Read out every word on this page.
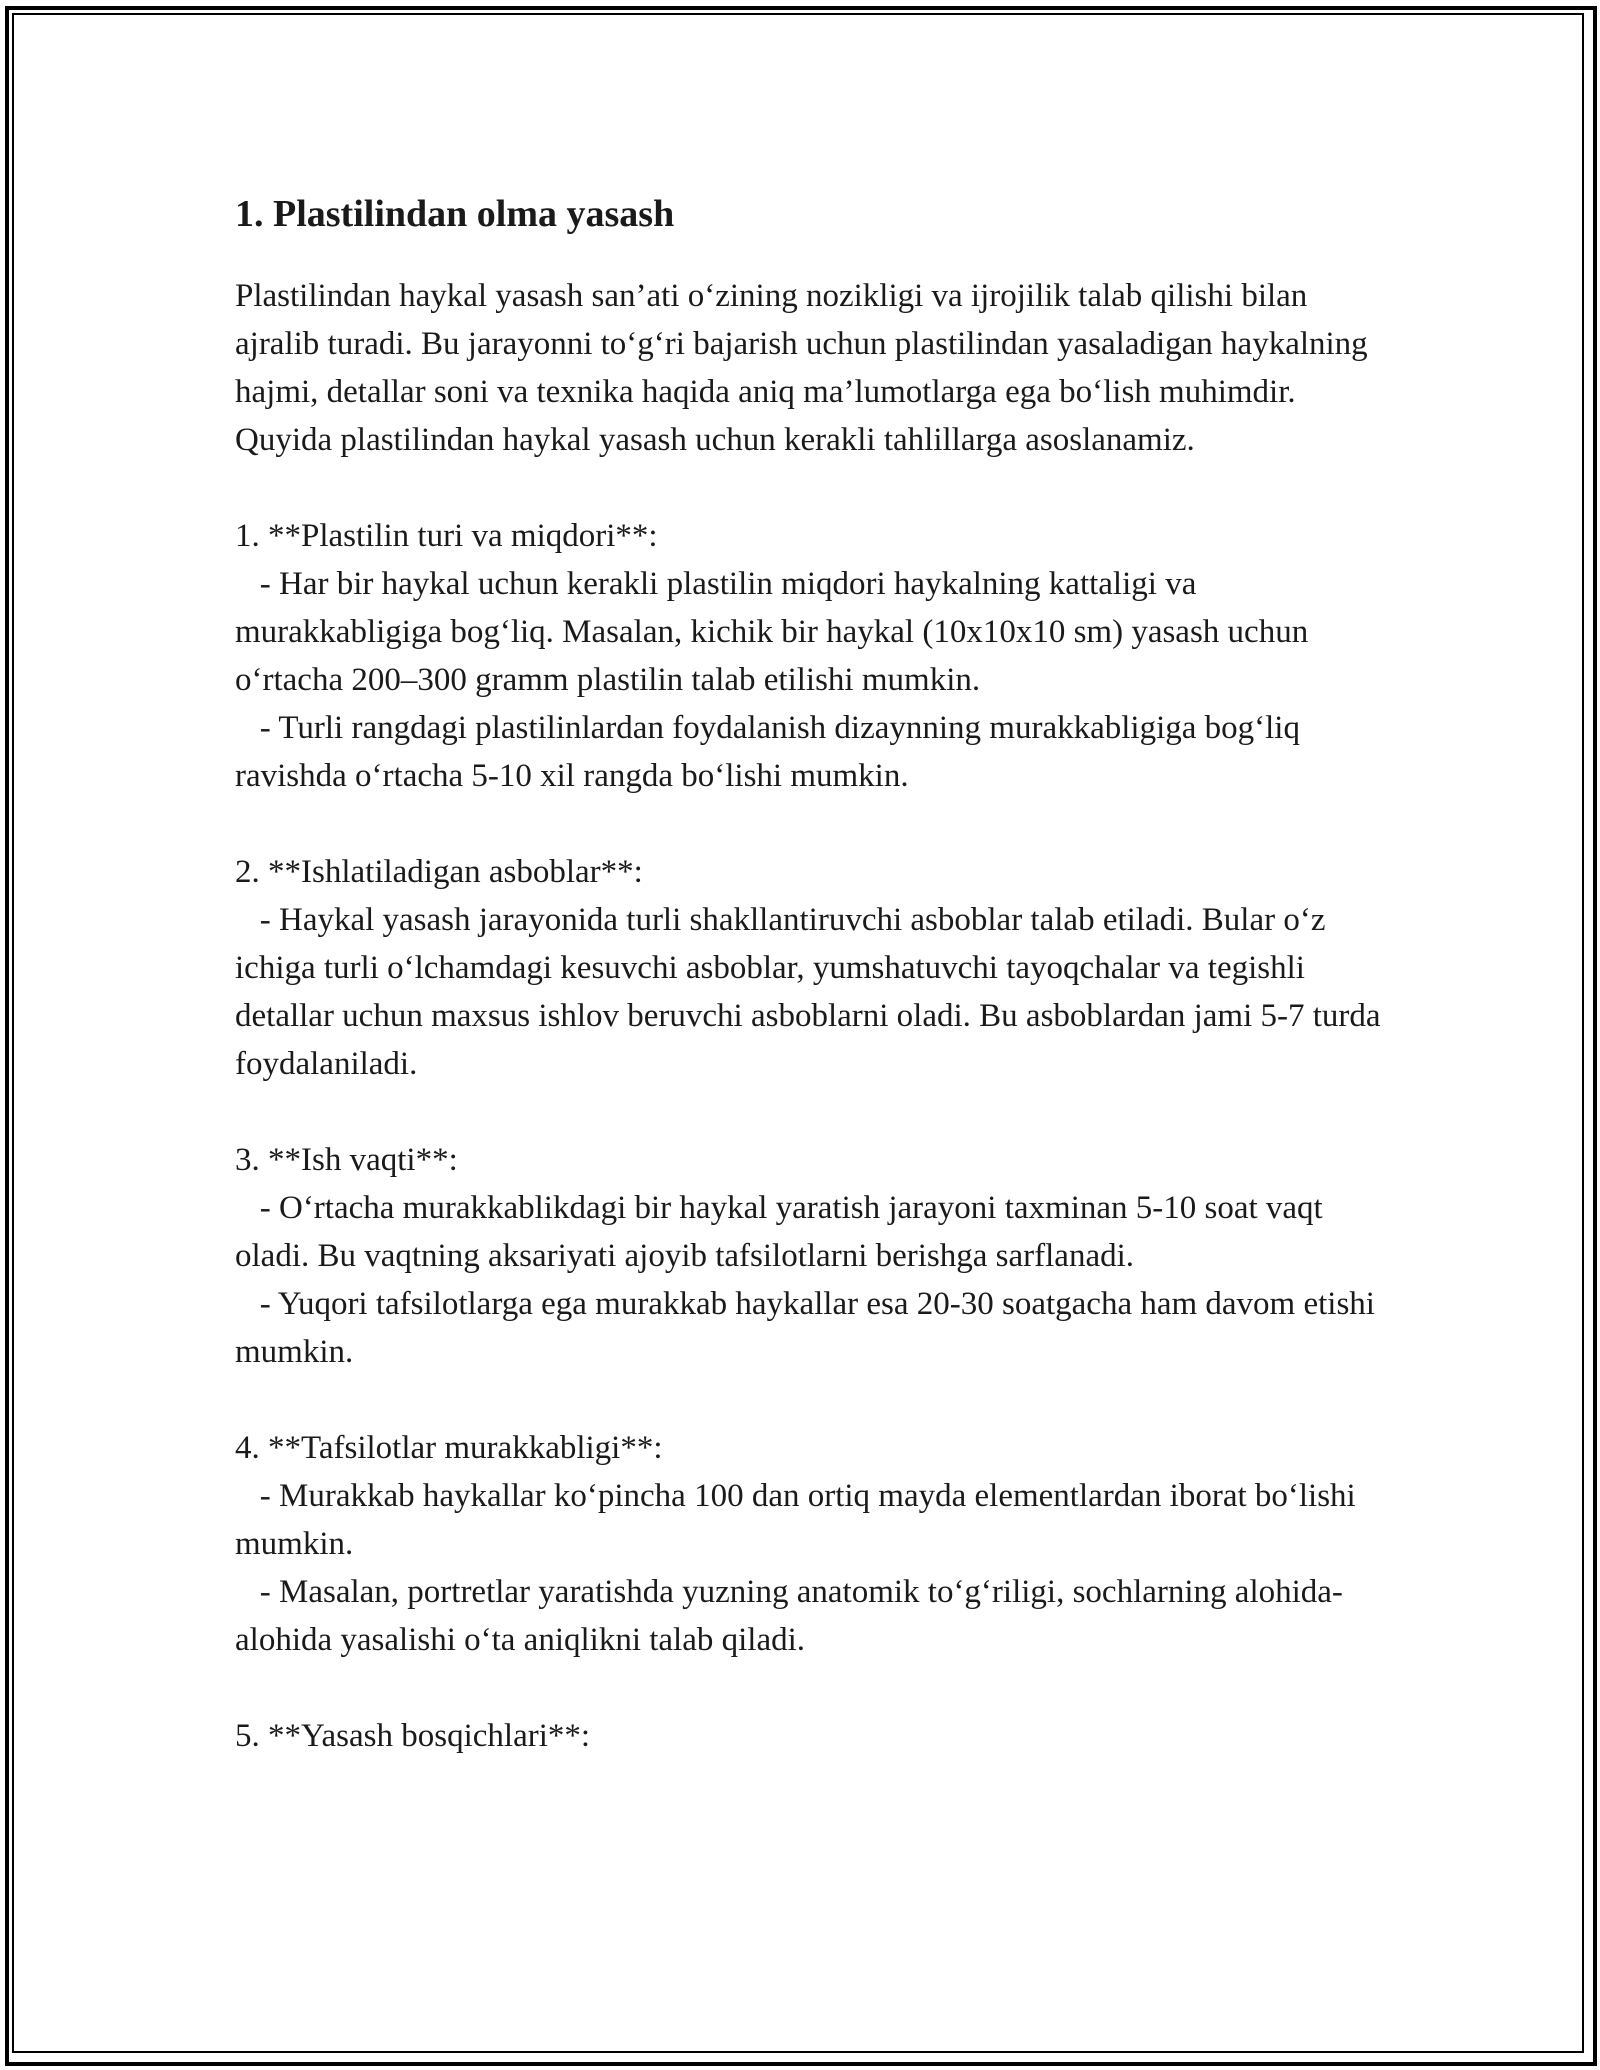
1. Plastilindan olma yasash

Plastilindan haykal yasash san’ati o‘zining nozikligi va ijrojilik talab qilishi bilan ajralib turadi. Bu jarayonni to‘g‘ri bajarish uchun plastilindan yasaladigan haykalning hajmi, detallar soni va texnika haqida aniq ma’lumotlarga ega bo‘lish muhimdir. Quyida plastilindan haykal yasash uchun kerakli tahlillarga asoslanamiz.

1. **Plastilin turi va miqdori**:

- Har bir haykal uchun kerakli plastilin miqdori haykalning kattaligi va murakkabligiga bog‘liq. Masalan, kichik bir haykal (10x10x10 sm) yasash uchun o‘rtacha 200–300 gramm plastilin talab etilishi mumkin.

- Turli rangdagi plastilinlardan foydalanish dizaynning murakkabligiga bog‘liq ravishda o‘rtacha 5-10 xil rangda bo‘lishi mumkin.

2. **Ishlatiladigan asboblar**:

- Haykal yasash jarayonida turli shakllantiruvchi asboblar talab etiladi. Bular o‘z ichiga turli o‘lchamdagi kesuvchi asboblar, yumshatuvchi tayoqchalar va tegishli detallar uchun maxsus ishlov beruvchi asboblarni oladi. Bu asboblardan jami 5-7 turda foydalaniladi.

3. **Ish vaqti**:

- O‘rtacha murakkablikdagi bir haykal yaratish jarayoni taxminan 5-10 soat vaqt oladi. Bu vaqtning aksariyati ajoyib tafsilotlarni berishga sarflanadi.

- Yuqori tafsilotlarga ega murakkab haykallar esa 20-30 soatgacha ham davom etishi mumkin.

4. **Tafsilotlar murakkabligi**:

- Murakkab haykallar ko‘pincha 100 dan ortiq mayda elementlardan iborat bo‘lishi mumkin.

- Masalan, portretlar yaratishda yuzning anatomik to‘g‘riligi, sochlarning alohida-alohida yasalishi o‘ta aniqlikni talab qiladi.

5. **Yasash bosqichlari**:
